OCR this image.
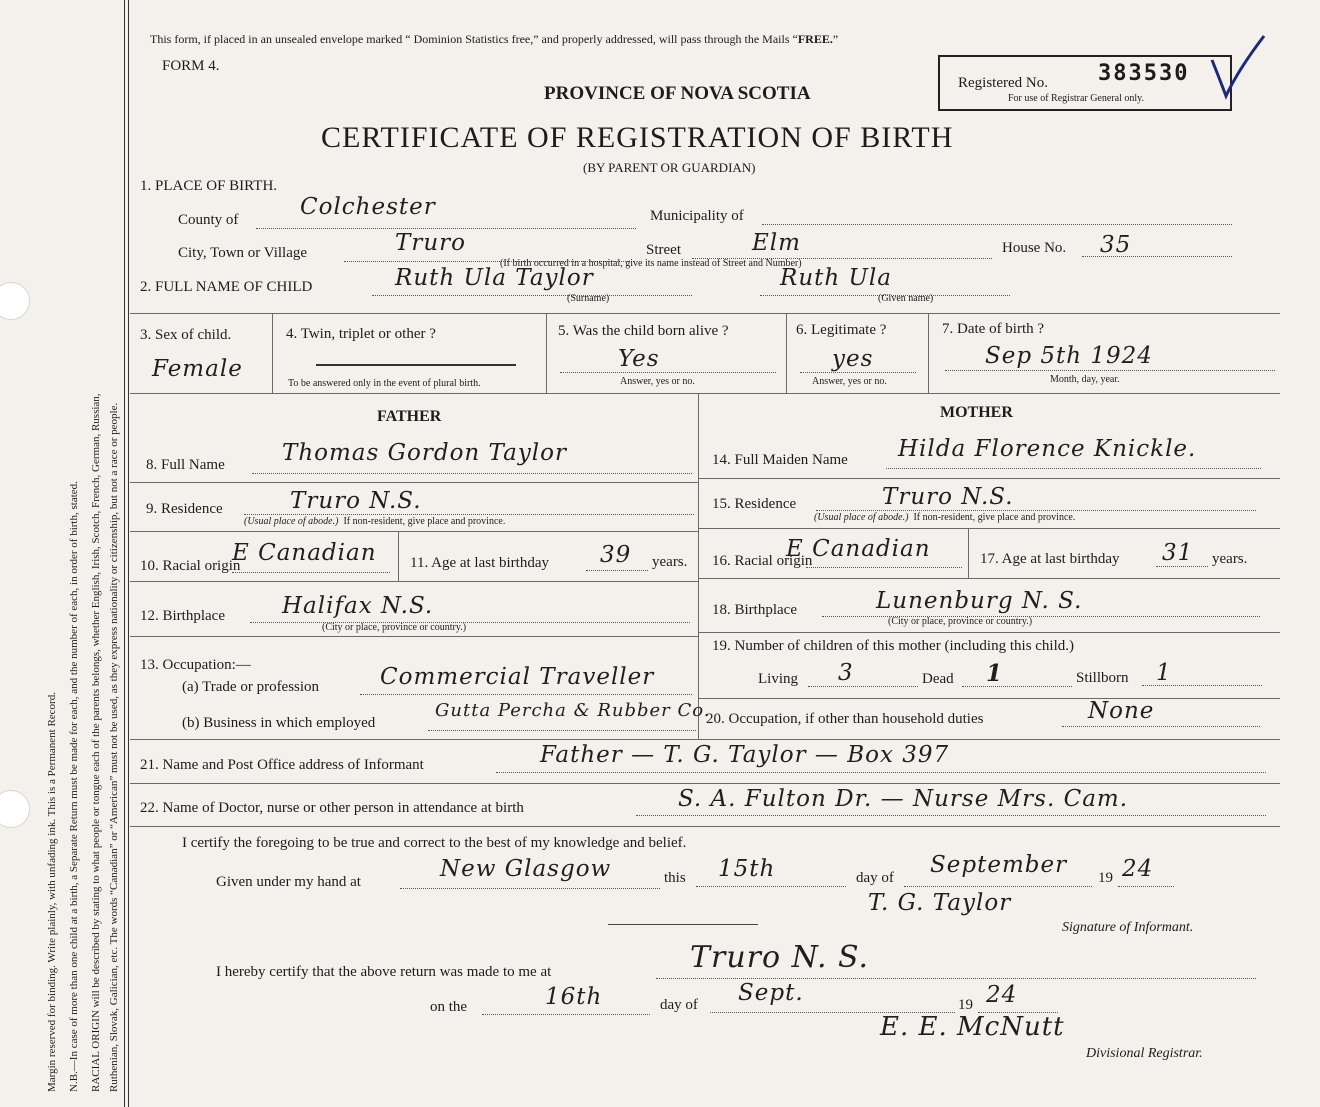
Margin reserved for binding. Write plainly, with unfading ink. This is a Permanent Record. N.B.—In case of more than one child at a birth, a Separate Return must be made for each, and the number of each, in order of birth, stated. RACIAL ORIGIN will be described by stating to what people or tongue each of the parents belongs, whether English, Irish, Scotch, French, German, Russian, Ruthenian, Slovak, Galician, etc. The words “Canadian” or “American” must not be used, as they express nationality or citizenship, but not a race or people.
This form, if placed in an unsealed envelope marked “ Dominion Statistics free,” and properly addressed, will pass through the Mails “FREE.”
FORM 4.
PROVINCE OF NOVA SCOTIA
CERTIFICATE OF REGISTRATION OF BIRTH
(BY PARENT OR GUARDIAN)
Registered No. 383530
For use of Registrar General only.
1. PLACE OF BIRTH.
County of	Colchester	Municipality of
City, Town or Village	Truro	Street	Elm	House No. 35
(If birth occurred in a hospital, give its name instead of Street and Number)
2. FULL NAME OF CHILD	Ruth Ula Taylor
(Surname)
Ruth Ula
(Given name)
3. Sex of child.
Female
4. Twin, triplet or other ?
To be answered only in the event of plural birth.
5. Was the child born alive ?
Yes
Answer, yes or no.
6. Legitimate ?
yes
Answer, yes or no.
7. Date of birth ?
Sep 5th 1924
Month, day, year.
FATHER	MOTHER
8. Full Name Thomas Gordon Taylor
9. Residence	Truro N.S.
(Usual place of abode.) If non-resident, give place and province.
10. Racial origin
E Canadian 11. Age at last birthday 39 years.
12. Birthplace Halifax N.S.
(City or place, province or country.)
13. Occupation:—
(a) Trade or profession	Commercial Traveller
(b) Business in which employed
Gutta Percha & Rubber Co.
14. Full Maiden Name Hilda Florence Knickle.
15. Residence	Truro N.S.
(Usual place of abode.) If non-resident, give place and province.
16. Racial origin
E Canadian	17. Age at last birthday 31 years.
18. Birthplace	Lunenburg N. S.
(City or place, province or country.)
19. Number of children of this mother (including this child.)
Living 3	Dead 1	Stillborn 1
20. Occupation, if other than household duties	None
21. Name and Post Office address of Informant	Father — T. G. Taylor — Box 397
22. Name of Doctor, nurse or other person in attendance at birth	S. A. Fulton Dr. — Nurse Mrs. Cam.
I certify the foregoing to be true and correct to the best of my knowledge and belief.
Given under my hand at	New Glasgow	this 15th	day of September 19 24
T. G. Taylor
Signature of Informant.
I hereby certify that the above return was made to me at	Truro N. S.
on the	16th	day of Sept.	19 24
E. E. McNutt
Divisional Registrar.
